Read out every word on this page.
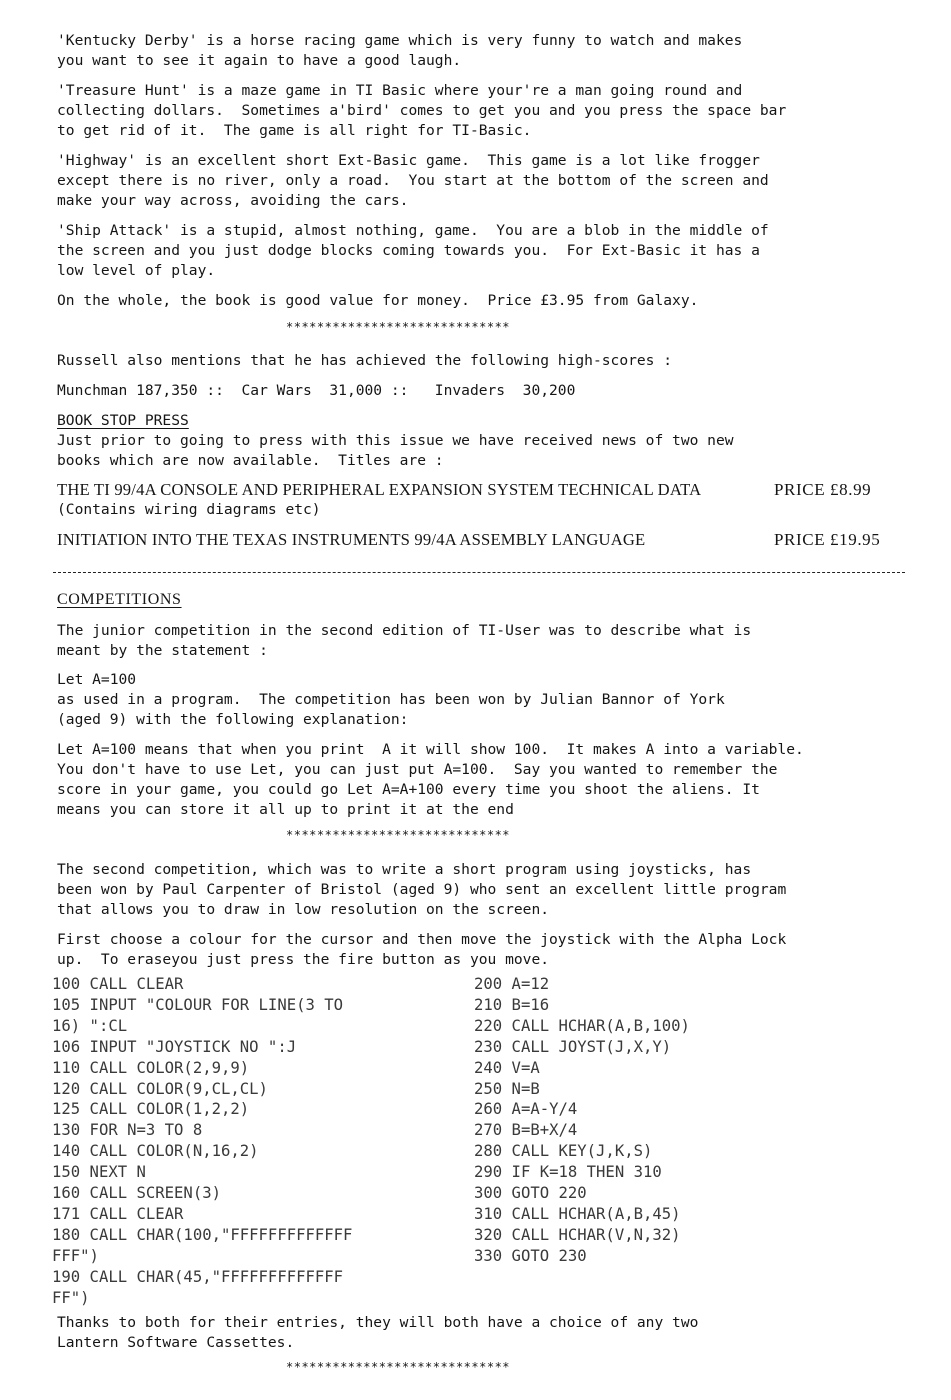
'Kentucky Derby' is a horse racing game which is very funny to watch and makes
you want to see it again to have a good laugh.

'Treasure Hunt' is a maze game in TI Basic where your're a man going round and
collecting dollars.  Sometimes a'bird' comes to get you and you press the space bar
to get rid of it.  The game is all right for TI-Basic.

'Highway' is an excellent short Ext-Basic game.  This game is a lot like frogger
except there is no river, only a road.  You start at the bottom of the screen and
make your way across, avoiding the cars.

'Ship Attack' is a stupid, almost nothing, game.  You are a blob in the middle of
the screen and you just dodge blocks coming towards you.  For Ext-Basic it has a
low level of play.

On the whole, the book is good value for money.  Price £3.95 from Galaxy.

*****************************

Russell also mentions that he has achieved the following high-scores :

Munchman 187,350 ::  Car Wars  31,000 ::   Invaders  30,200

BOOK STOP PRESS

Just prior to going to press with this issue we have received news of two new
books which are now available.  Titles are :

THE TI 99/4A CONSOLE AND PERIPHERAL EXPANSION SYSTEM TECHNICAL DATA	PRICE £8.99

(Contains wiring diagrams etc)

INITIATION INTO THE TEXAS INSTRUMENTS 99/4A ASSEMBLY LANGUAGE	PRICE £19.95
COMPETITIONS

The junior competition in the second edition of TI-User was to describe what is
meant by the statement :

Let A=100
as used in a program.  The competition has been won by Julian Bannor of York
(aged 9) with the following explanation:

Let A=100 means that when you print  A it will show 100.  It makes A into a variable.
You don't have to use Let, you can just put A=100.  Say you wanted to remember the
score in your game, you could go Let A=A+100 every time you shoot the aliens. It
means you can store it all up to print it at the end

*****************************

The second competition, which was to write a short program using joysticks, has
been won by Paul Carpenter of Bristol (aged 9) who sent an excellent little program
that allows you to draw in low resolution on the screen.

First choose a colour for the cursor and then move the joystick with the Alpha Lock
up.  To eraseyou just press the fire button as you move.

100 CALL CLEAR
105 INPUT "COLOUR FOR LINE(3 TO
16) ":CL
106 INPUT "JOYSTICK NO ":J
110 CALL COLOR(2,9,9)
120 CALL COLOR(9,CL,CL)
125 CALL COLOR(1,2,2)
130 FOR N=3 TO 8
140 CALL COLOR(N,16,2)
150 NEXT N
160 CALL SCREEN(3)
171 CALL CLEAR
180 CALL CHAR(100,"FFFFFFFFFFFFF
FFF")
190 CALL CHAR(45,"FFFFFFFFFFFFF
FF")
200 A=12
210 B=16
220 CALL HCHAR(A,B,100)
230 CALL JOYST(J,X,Y)
240 V=A
250 N=B
260 A=A-Y/4
270 B=B+X/4
280 CALL KEY(J,K,S)
290 IF K=18 THEN 310
300 GOTO 220
310 CALL HCHAR(A,B,45)
320 CALL HCHAR(V,N,32)
330 GOTO 230

Thanks to both for their entries, they will both have a choice of any two
Lantern Software Cassettes.

*****************************
